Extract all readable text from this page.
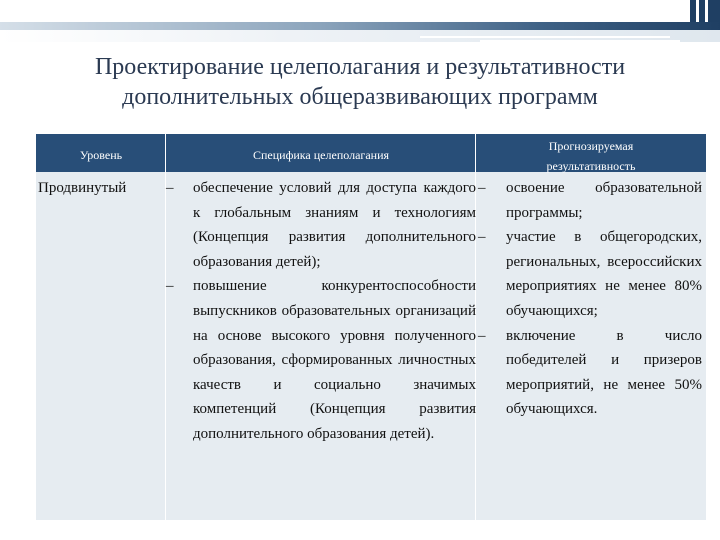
Проектирование целеполагания и результативности
дополнительных общеразвивающих программ
Уровень	Специфика целеполагания
Прогнозируемая
результативность
Продвинутый	– обеспечение условий для доступа каждого к глобальным знаниям и технологиям (Концепция развития дополнительного образования детей);
– повышение конкурентоспособности выпускников образовательных организаций на основе высокого уровня полученного образования, сформированных личностных качеств и социально значимых компетенций (Концепция развития дополнительного образования детей).
– освоение образовательной программы;
– участие в общегородских, региональных, всероссийских мероприятиях не менее 80% обучающихся;
– включение в число победителей и призеров мероприятий, не менее 50% обучающихся.
